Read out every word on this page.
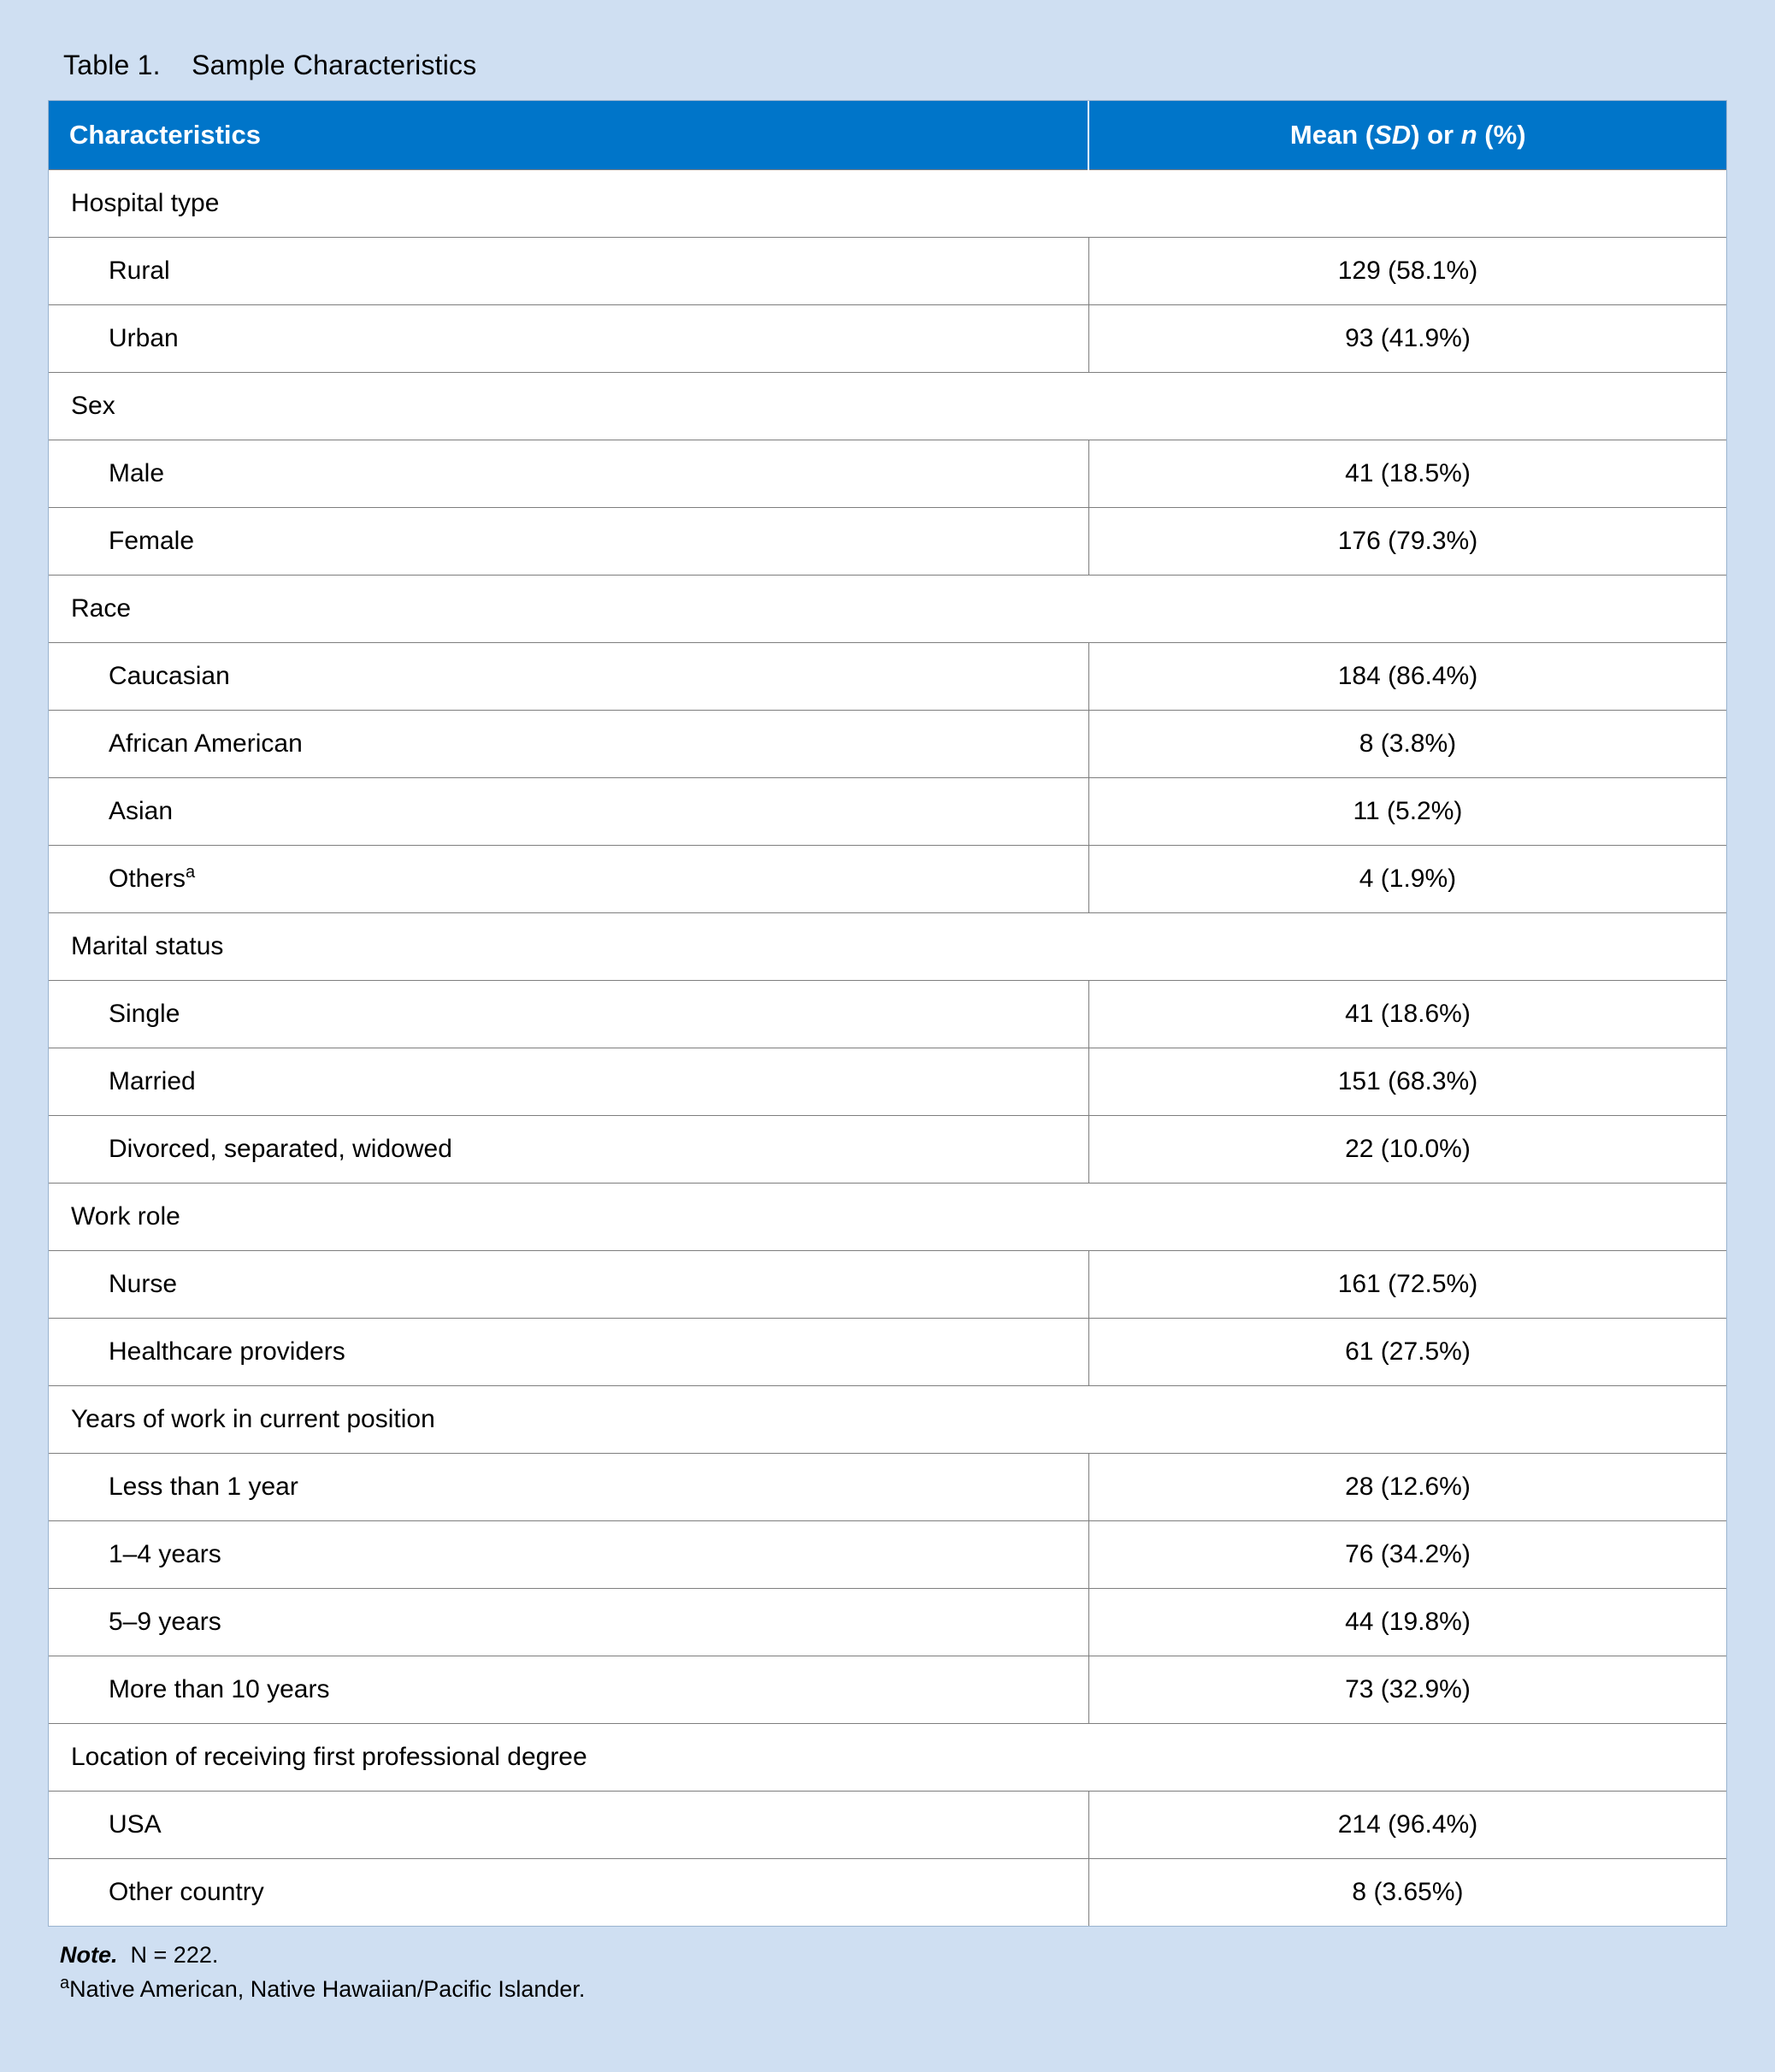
Table 1. Sample Characteristics
Characteristics	Mean (SD) or n (%)
Hospital type	
Rural	129 (58.1%)
Urban	93 (41.9%)
Sex	
Male	41 (18.5%)
Female	176 (79.3%)
Race	
Caucasian	184 (86.4%)
African American	8 (3.8%)
Asian	11 (5.2%)
Others$^a$	4 (1.9%)
Marital status	
Single	41 (18.6%)
Married	151 (68.3%)
Divorced, separated, widowed	22 (10.0%)
Work role	
Nurse	161 (72.5%)
Healthcare providers	61 (27.5%)
Years of work in current position	
Less than 1 year	28 (12.6%)
1–4 years	76 (34.2%)
5–9 years	44 (19.8%)
More than 10 years	73 (32.9%)
Location of receiving first professional degree	
USA	214 (96.4%)
Other country	8 (3.65%)
Note. N = 222.
$^a$Native American, Native Hawaiian/Pacific Islander.
